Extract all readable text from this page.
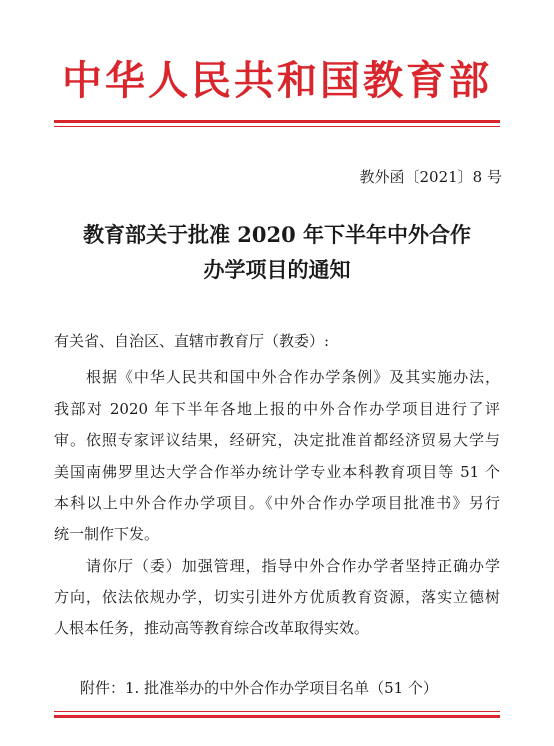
中华人民共和国教育部
教外函〔2021〕8 号
教育部关于批准 2020 年下半年中外合作
办学项目的通知
有关省、自治区、直辖市教育厅（教委）:
根据《中华人民共和国中外合作办学条例》及其实施办法，
我部对 2020 年下半年各地上报的中外合作办学项目进行了评
审。依照专家评议结果，经研究，决定批准首都经济贸易大学与
美国南佛罗里达大学合作举办统计学专业本科教育项目等 51 个
本科以上中外合作办学项目。《中外合作办学项目批准书》另行
统一制作下发。
请你厅（委）加强管理，指导中外合作办学者坚持正确办学
方向，依法依规办学，切实引进外方优质教育资源，落实立德树
人根本任务，推动高等教育综合改革取得实效。
附件：1. 批准举办的中外合作办学项目名单（51 个）
